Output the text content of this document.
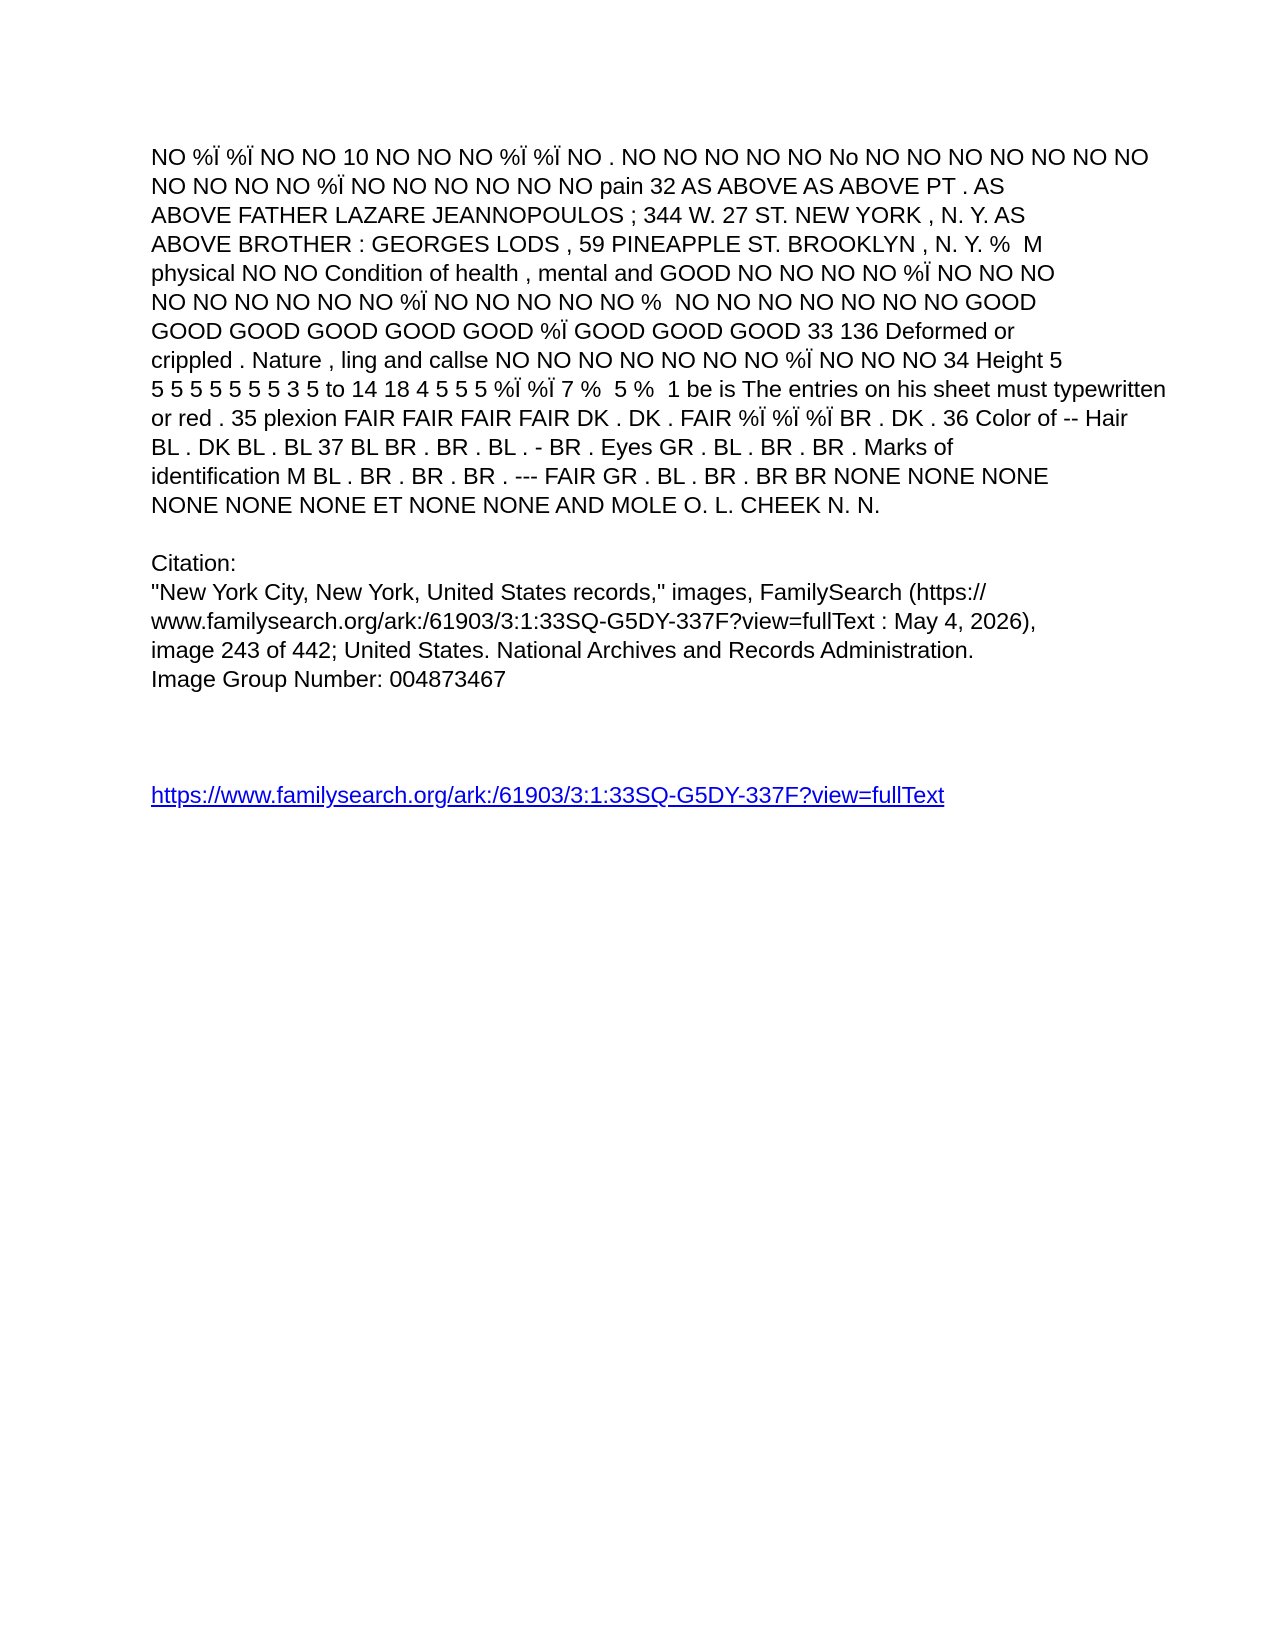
NO %Ï %Ï NO NO 10 NO NO NO %Ï %Ï NO . NO NO NO NO NO No NO NO NO NO NO NO NO
NO NO NO NO %Ï NO NO NO NO NO NO pain 32 AS ABOVE AS ABOVE PT . AS
ABOVE FATHER LAZARE JEANNOPOULOS ; 344 W. 27 ST. NEW YORK , N. Y. AS
ABOVE BROTHER : GEORGES LODS , 59 PINEAPPLE ST. BROOKLYN , N. Y. %  M
physical NO NO Condition of health , mental and GOOD NO NO NO NO %Ï NO NO NO
NO NO NO NO NO NO %Ï NO NO NO NO NO %  NO NO NO NO NO NO NO GOOD
GOOD GOOD GOOD GOOD GOOD %Ï GOOD GOOD GOOD 33 136 Deformed or
crippled . Nature , ling and callse NO NO NO NO NO NO NO %Ï NO NO NO 34 Height 5
5 5 5 5 5 5 5 3 5 to 14 18 4 5 5 5 %Ï %Ï 7 %  5 %  1 be is The entries on his sheet must typewritten
or red . 35 plexion FAIR FAIR FAIR FAIR DK . DK . FAIR %Ï %Ï %Ï BR . DK . 36 Color of -- Hair
BL . DK BL . BL 37 BL BR . BR . BL . - BR . Eyes GR . BL . BR . BR . Marks of
identification M BL . BR . BR . BR . --- FAIR GR . BL . BR . BR BR NONE NONE NONE
NONE NONE NONE ET NONE NONE AND MOLE O. L. CHEEK N. N.
Citation:
"New York City, New York, United States records," images, FamilySearch (https://
www.familysearch.org/ark:/61903/3:1:33SQ-G5DY-337F?view=fullText : May 4, 2026),
image 243 of 442; United States. National Archives and Records Administration.
Image Group Number: 004873467
https://www.familysearch.org/ark:/61903/3:1:33SQ-G5DY-337F?view=fullText
